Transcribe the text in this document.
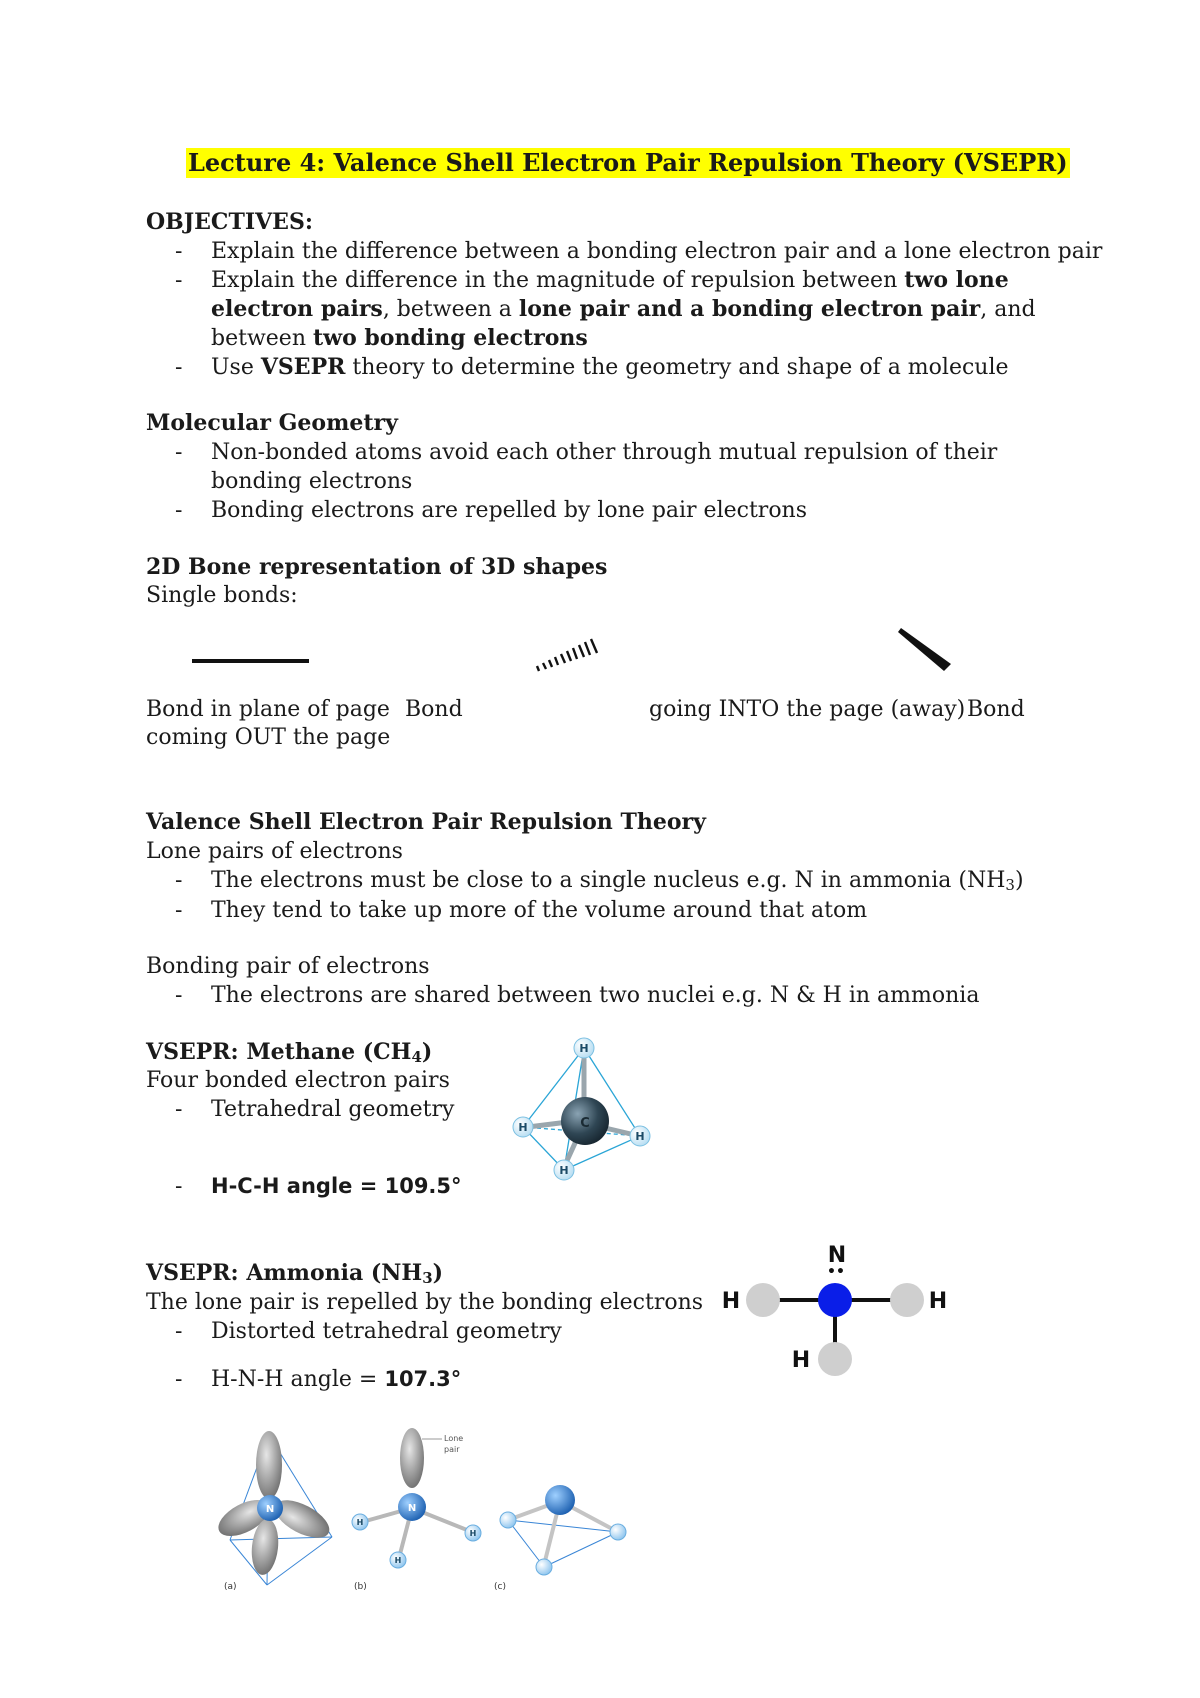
Lecture 4: Valence Shell Electron Pair Repulsion Theory (VSEPR)
OBJECTIVES:
- Explain the difference between a bonding electron pair and a lone electron pair
- Explain the difference in the magnitude of repulsion between two lone electron pairs, between a lone pair and a bonding electron pair, and between two bonding electrons
- Use VSEPR theory to determine the geometry and shape of a molecule
Molecular Geometry
- Non-bonded atoms avoid each other through mutual repulsion of their bonding electrons
- Bonding electrons are repelled by lone pair electrons
2D Bone representation of 3D shapes
Single bonds:
Bond in plane of page Bond	going INTO the page (away) Bond
coming OUT the page
Valence Shell Electron Pair Repulsion Theory
Lone pairs of electrons
- The electrons must be close to a single nucleus e.g. N in ammonia $(NH_3)$
- They tend to take up more of the volume around that atom
Bonding pair of electrons
- The electrons are shared between two nuclei e.g. N & H in ammonia
VSEPR: Methane $(CH_4)$
Four bonded electron pairs
- Tetrahedral geometry
- H-C-H angle = 109.5°
C
H
H
H
H
VSEPR: Ammonia $(NH_3)$
The lone pair is repelled by the bonding electrons
- Distorted tetrahedral geometry
- H-N-H angle = 107.3°
N
••
H	H
H
N
(a)
Lone
pair
N
H
H
H
(b)	(c)
